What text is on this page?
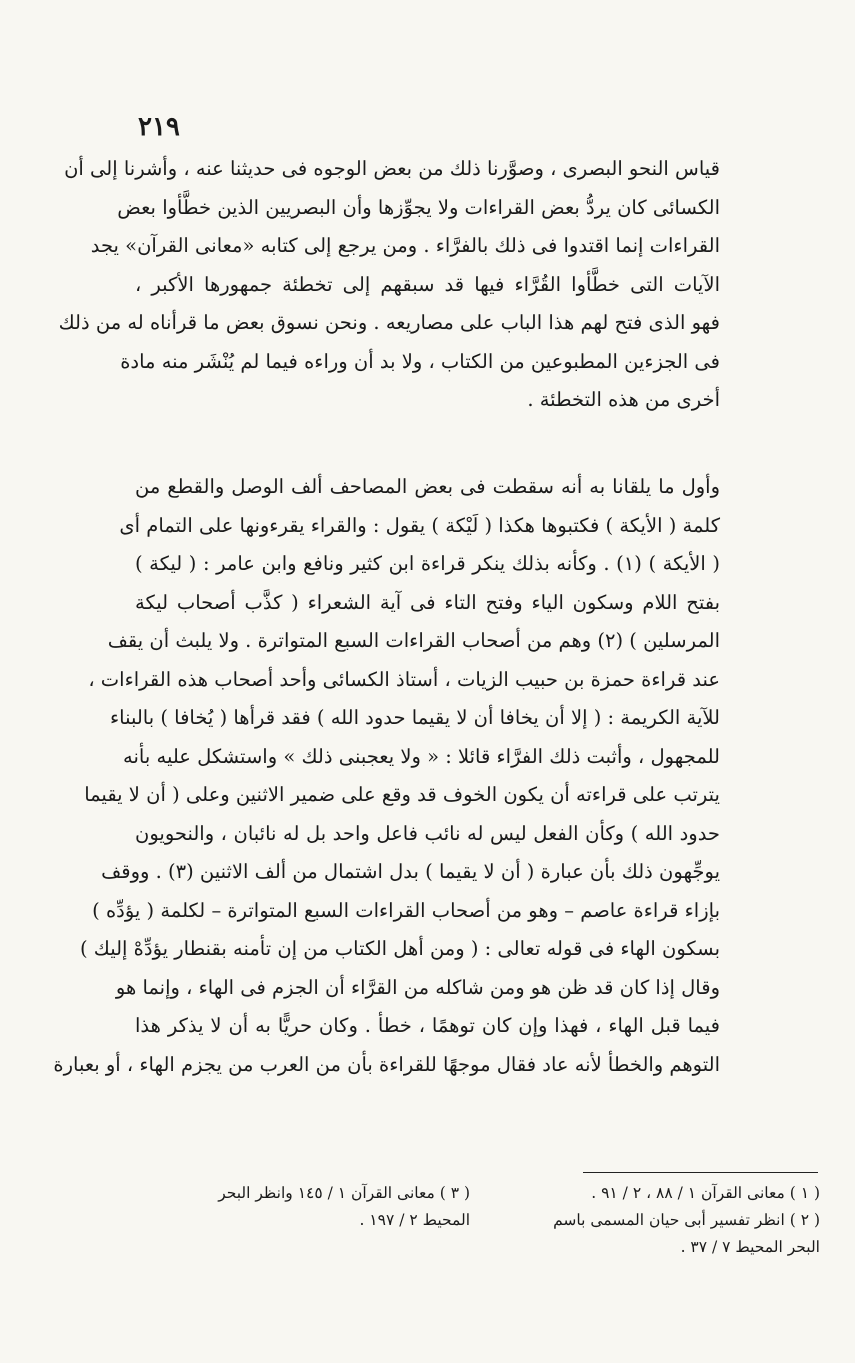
٢١٩
قياس النحو البصرى ، وصوَّرنا ذلك من بعض الوجوه فى حديثنا عنه ، وأشرنا إلى أن
الكسائى كان يردُّ بعض القراءات ولا يجوِّزها وأن البصريين الذين خطَّأوا بعض
القراءات إنما اقتدوا فى ذلك بالفرَّاء . ومن يرجع إلى كتابه «معانى القرآن» يجد
الآيات التى خطَّأوا القُرَّاء فيها قد سبقهم إلى تخطئة جمهورها الأكبر ،
فهو الذى فتح لهم هذا الباب على مصاريعه . ونحن نسوق بعض ما قرأناه له من ذلك
فى الجزءين المطبوعين من الكتاب ، ولا بد أن وراءه فيما لم يُنْشَر منه مادة
أخرى من هذه التخطئة .
وأول ما يلقانا به أنه سقطت فى بعض المصاحف ألف الوصل والقطع من
كلمة ( الأيكة ) فكتبوها هكذا ( لَيْكة ) يقول : والقراء يقرءونها على التمام أى
( الأيكة ) (١) . وكأنه بذلك ينكر قراءة ابن كثير ونافع وابن عامر : ( ليكة )
بفتح اللام وسكون الياء وفتح التاء فى آية الشعراء ( كذَّب أصحاب ليكة
المرسلين ) (٢) وهم من أصحاب القراءات السبع المتواترة . ولا يلبث أن يقف
عند قراءة حمزة بن حبيب الزيات ، أستاذ الكسائى وأحد أصحاب هذه القراءات ،
للآية الكريمة : ( إلا أن يخافا أن لا يقيما حدود الله ) فقد قرأها ( يُخافا ) بالبناء
للمجهول ، وأثبت ذلك الفرَّاء قائلا : « ولا يعجبنى ذلك » واستشكل عليه بأنه
يترتب على قراءته أن يكون الخوف قد وقع على ضمير الاثنين وعلى ( أن لا يقيما
حدود الله ) وكأن الفعل ليس له نائب فاعل واحد بل له نائبان ، والنحويون
يوجِّهون ذلك بأن عبارة ( أن لا يقيما ) بدل اشتمال من ألف الاثنين (٣) . ووقف
بإزاء قراءة عاصم – وهو من أصحاب القراءات السبع المتواترة – لكلمة ( يؤدِّه )
بسكون الهاء فى قوله تعالى : ( ومن أهل الكتاب من إن تأمنه بقنطار يؤدِّهْ إليك )
وقال إذا كان قد ظن هو ومن شاكله من القرَّاء أن الجزم فى الهاء ، وإنما هو
فيما قبل الهاء ، فهذا وإن كان توهمًا ، خطأ . وكان حريًّا به أن لا يذكر هذا
التوهم والخطأ لأنه عاد فقال موجهًا للقراءة بأن من العرب من يجزم الهاء ، أو بعبارة
( ١ ) معانى القرآن ١ / ٨٨ ، ٢ / ٩١ .
( ٢ ) انظر تفسير أبى حيان المسمى باسم
البحر المحيط ٧ / ٣٧ .
( ٣ ) معانى القرآن ١ / ١٤٥ وانظر البحر
المحيط ٢ / ١٩٧ .
